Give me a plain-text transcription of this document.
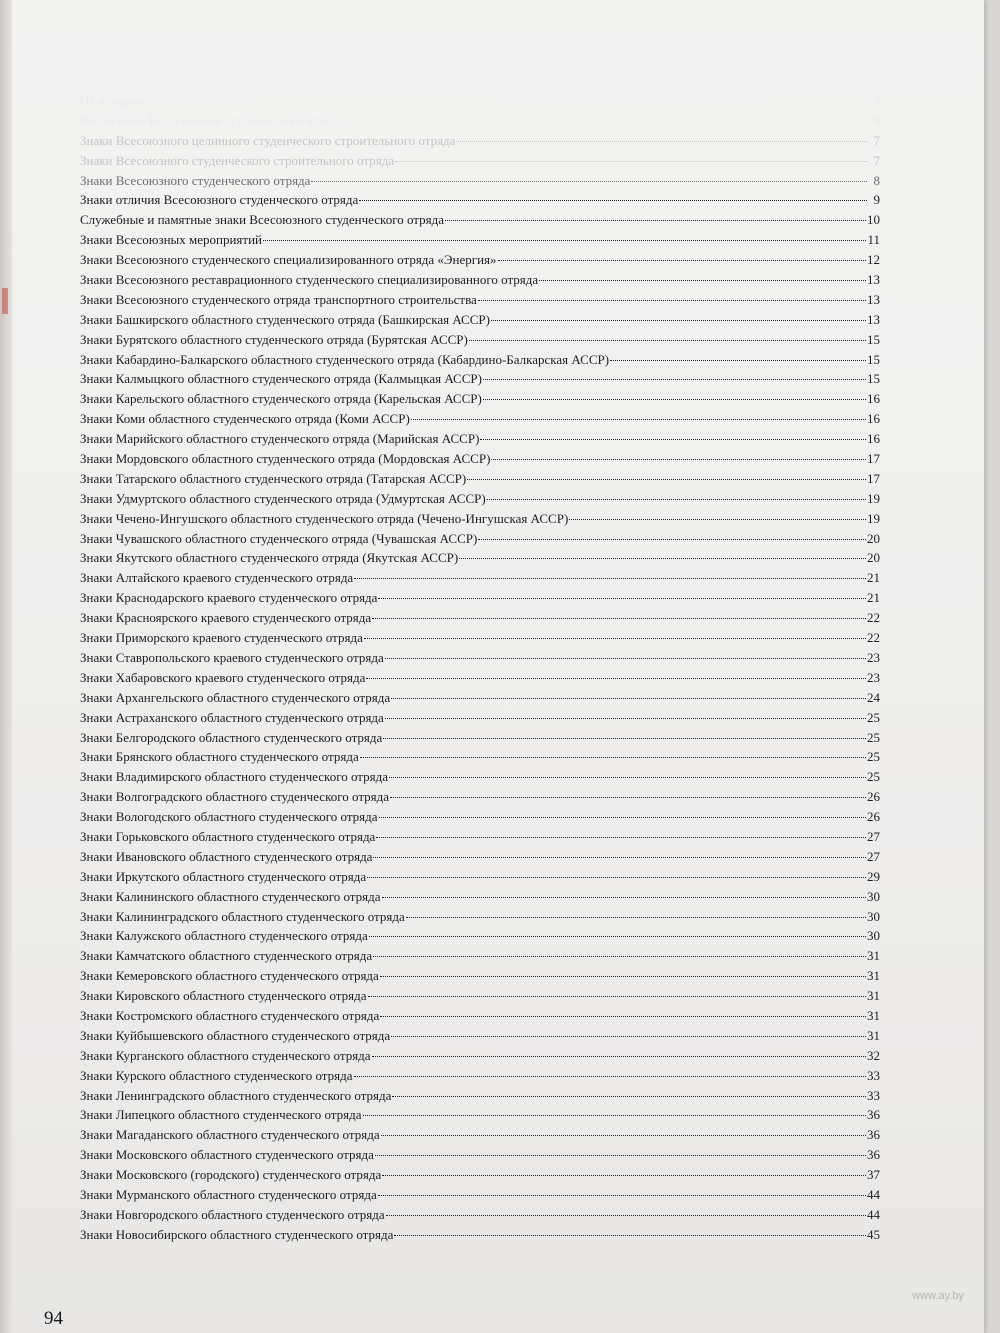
Из истории	3
Форменные Всесоюзного студенческого отряда	4
Знаки Всесоюзного целинного студенческого строительного отряда	7
Знаки Всесоюзного студенческого строительного отряда	7
Знаки Всесоюзного студенческого отряда	8
Знаки отличия Всесоюзного студенческого отряда	9
Служебные и памятные знаки Всесоюзного студенческого отряда	10
Знаки Всесоюзных мероприятий	11
Знаки Всесоюзного студенческого специализированного отряда «Энергия»	12
Знаки Всесоюзного реставрационного студенческого специализированного отряда	13
Знаки Всесоюзного студенческого отряда транспортного строительства	13
Знаки Башкирского областного студенческого отряда (Башкирская АССР)	13
Знаки Бурятского областного студенческого отряда (Бурятская АССР)	15
Знаки Кабардино-Балкарского областного студенческого отряда (Кабардино-Балкарская АССР)	15
Знаки Калмыцкого областного студенческого отряда (Калмыцкая АССР)	15
Знаки Карельского областного студенческого отряда (Карельская АССР)	16
Знаки Коми областного студенческого отряда (Коми АССР)	16
Знаки Марийского областного студенческого отряда (Марийская АССР)	16
Знаки Мордовского областного студенческого отряда (Мордовская АССР)	17
Знаки Татарского областного студенческого отряда (Татарская АССР)	17
Знаки Удмуртского областного студенческого отряда (Удмуртская АССР)	19
Знаки Чечено-Ингушского областного студенческого отряда (Чечено-Ингушская АССР)	19
Знаки Чувашского областного студенческого отряда (Чувашская АССР)	20
Знаки Якутского областного студенческого отряда (Якутская АССР)	20
Знаки Алтайского краевого студенческого отряда	21
Знаки Краснодарского краевого студенческого отряда	21
Знаки Красноярского краевого студенческого отряда	22
Знаки Приморского краевого студенческого отряда	22
Знаки Ставропольского краевого студенческого отряда	23
Знаки Хабаровского краевого студенческого отряда	23
Знаки Архангельского областного студенческого отряда	24
Знаки Астраханского областного студенческого отряда	25
Знаки Белгородского областного студенческого отряда	25
Знаки Брянского областного студенческого отряда	25
Знаки Владимирского областного студенческого отряда	25
Знаки Волгоградского областного студенческого отряда	26
Знаки Вологодского областного студенческого отряда	26
Знаки Горьковского областного студенческого отряда	27
Знаки Ивановского областного студенческого отряда	27
Знаки Иркутского областного студенческого отряда	29
Знаки Калининского областного студенческого отряда	30
Знаки Калининградского областного студенческого отряда	30
Знаки Калужского областного студенческого отряда	30
Знаки Камчатского областного студенческого отряда	31
Знаки Кемеровского областного студенческого отряда	31
Знаки Кировского областного студенческого отряда	31
Знаки Костромского областного студенческого отряда	31
Знаки Куйбышевского областного студенческого отряда	31
Знаки Курганского областного студенческого отряда	32
Знаки Курского областного студенческого отряда	33
Знаки Ленинградского областного студенческого отряда	33
Знаки Липецкого областного студенческого отряда	36
Знаки Магаданского областного студенческого отряда	36
Знаки Московского областного студенческого отряда	36
Знаки Московского (городского) студенческого отряда	37
Знаки Мурманского областного студенческого отряда	44
Знаки Новгородского областного студенческого отряда	44
Знаки Новосибирского областного студенческого отряда	45
94
www.ay.by
